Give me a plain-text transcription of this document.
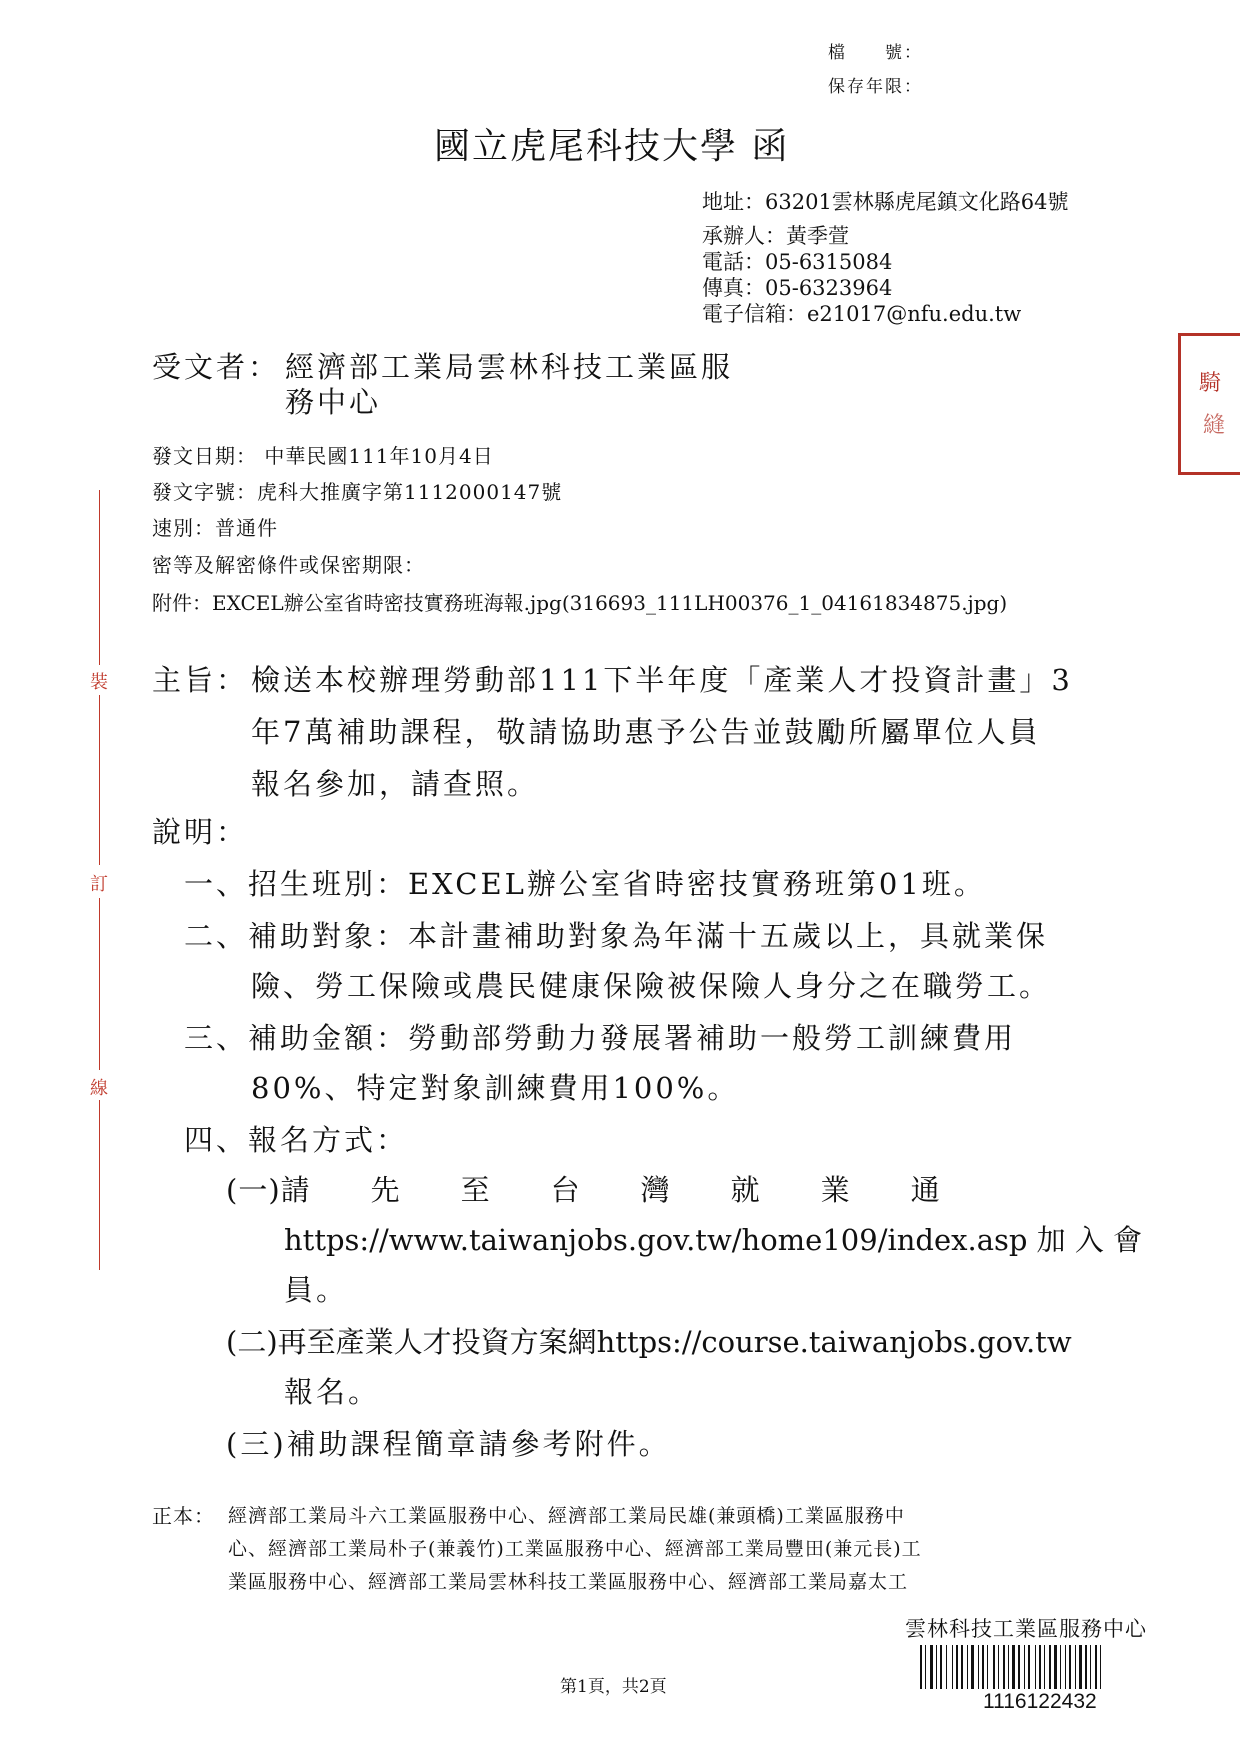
檔　　號：
保存年限：
國立虎尾科技大學 函
地址：63201雲林縣虎尾鎮文化路64號
承辦人：黃季萱
電話：05-6315084
傳真：05-6323964
電子信箱：e21017@nfu.edu.tw
受文者： 經濟部工業局雲林科技工業區服
務中心
發文日期： 中華民國111年10月4日
發文字號：虎科大推廣字第1112000147號
速別：普通件
密等及解密條件或保密期限：
附件：EXCEL辦公室省時密技實務班海報.jpg(316693_111LH00376_1_04161834875.jpg)
主旨： 檢送本校辦理勞動部111下半年度「產業人才投資計畫」3
年7萬補助課程，敬請協助惠予公告並鼓勵所屬單位人員
報名參加，請查照。
說明：
一、招生班別：EXCEL辦公室省時密技實務班第01班。
二、補助對象：本計畫補助對象為年滿十五歲以上，具就業保
險、勞工保險或農民健康保險被保險人身分之在職勞工。
三、補助金額：勞動部勞動力發展署補助一般勞工訓練費用
80%、特定對象訓練費用100%。
四、報名方式：
(一)請　　先　　至　　台　　灣　　就　　業　　通
https://www.taiwanjobs.gov.tw/home109/index.asp 加 入 會
員。
(二)再至產業人才投資方案網https://course.taiwanjobs.gov.tw
報名。
(三)補助課程簡章請參考附件。
正本： 經濟部工業局斗六工業區服務中心、經濟部工業局民雄(兼頭橋)工業區服務中
心、經濟部工業局朴子(兼義竹)工業區服務中心、經濟部工業局豐田(兼元長)工
業區服務中心、經濟部工業局雲林科技工業區服務中心、經濟部工業局嘉太工
裝
訂
線
騎
縫
雲林科技工業區服務中心
1116122432
第1頁，共2頁
